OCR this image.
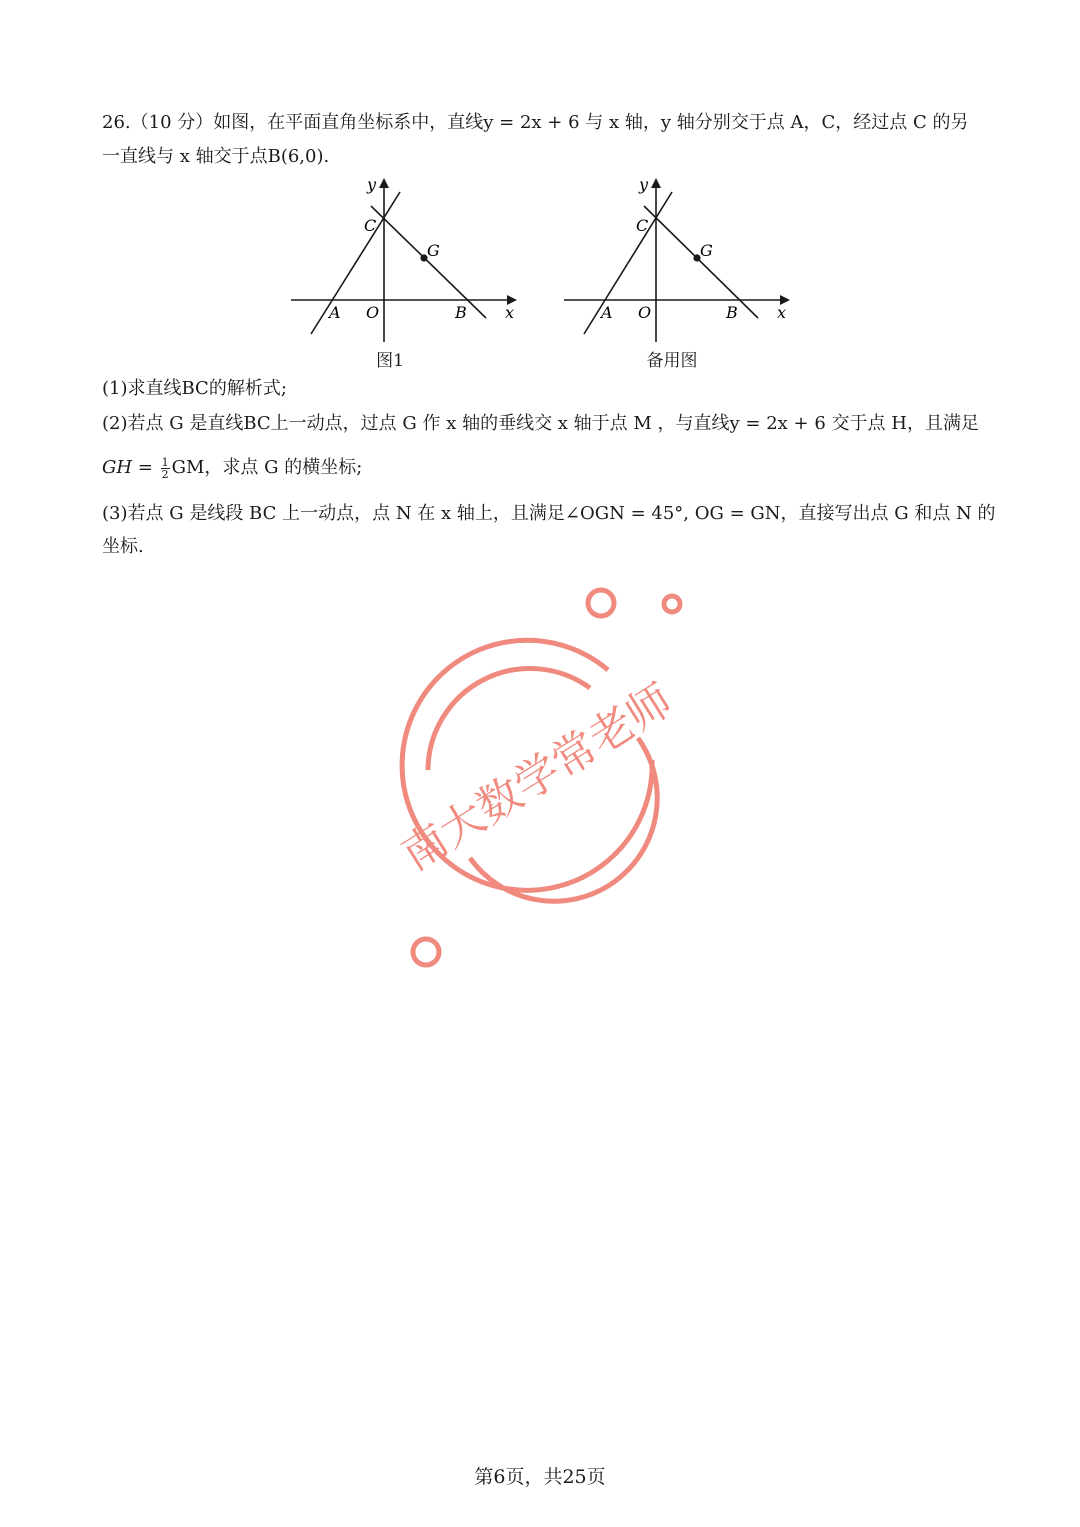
26.（10 分）如图，在平面直角坐标系中，直线y = 2x + 6 与 x 轴，y 轴分别交于点 A，C，经过点 C 的另
一直线与 x 轴交于点B(6,0).
y
x
C
G
A O	B
图1
y
x
C
G
A O	B
备用图
(1)求直线BC的解析式;
(2)若点 G 是直线BC上一动点，过点 G 作 x 轴的垂线交 x 轴于点 M ，与直线y = 2x + 6 交于点 H，且满足
GH = $\frac{1}{2}$ GM，求点 G 的横坐标;
(3)若点 G 是线段 BC 上一动点，点 N 在 x 轴上，且满足∠OGN = 45°, OG = GN，直接写出点 G 和点 N 的
坐标.
南大数学常老师
第6页，共25页
